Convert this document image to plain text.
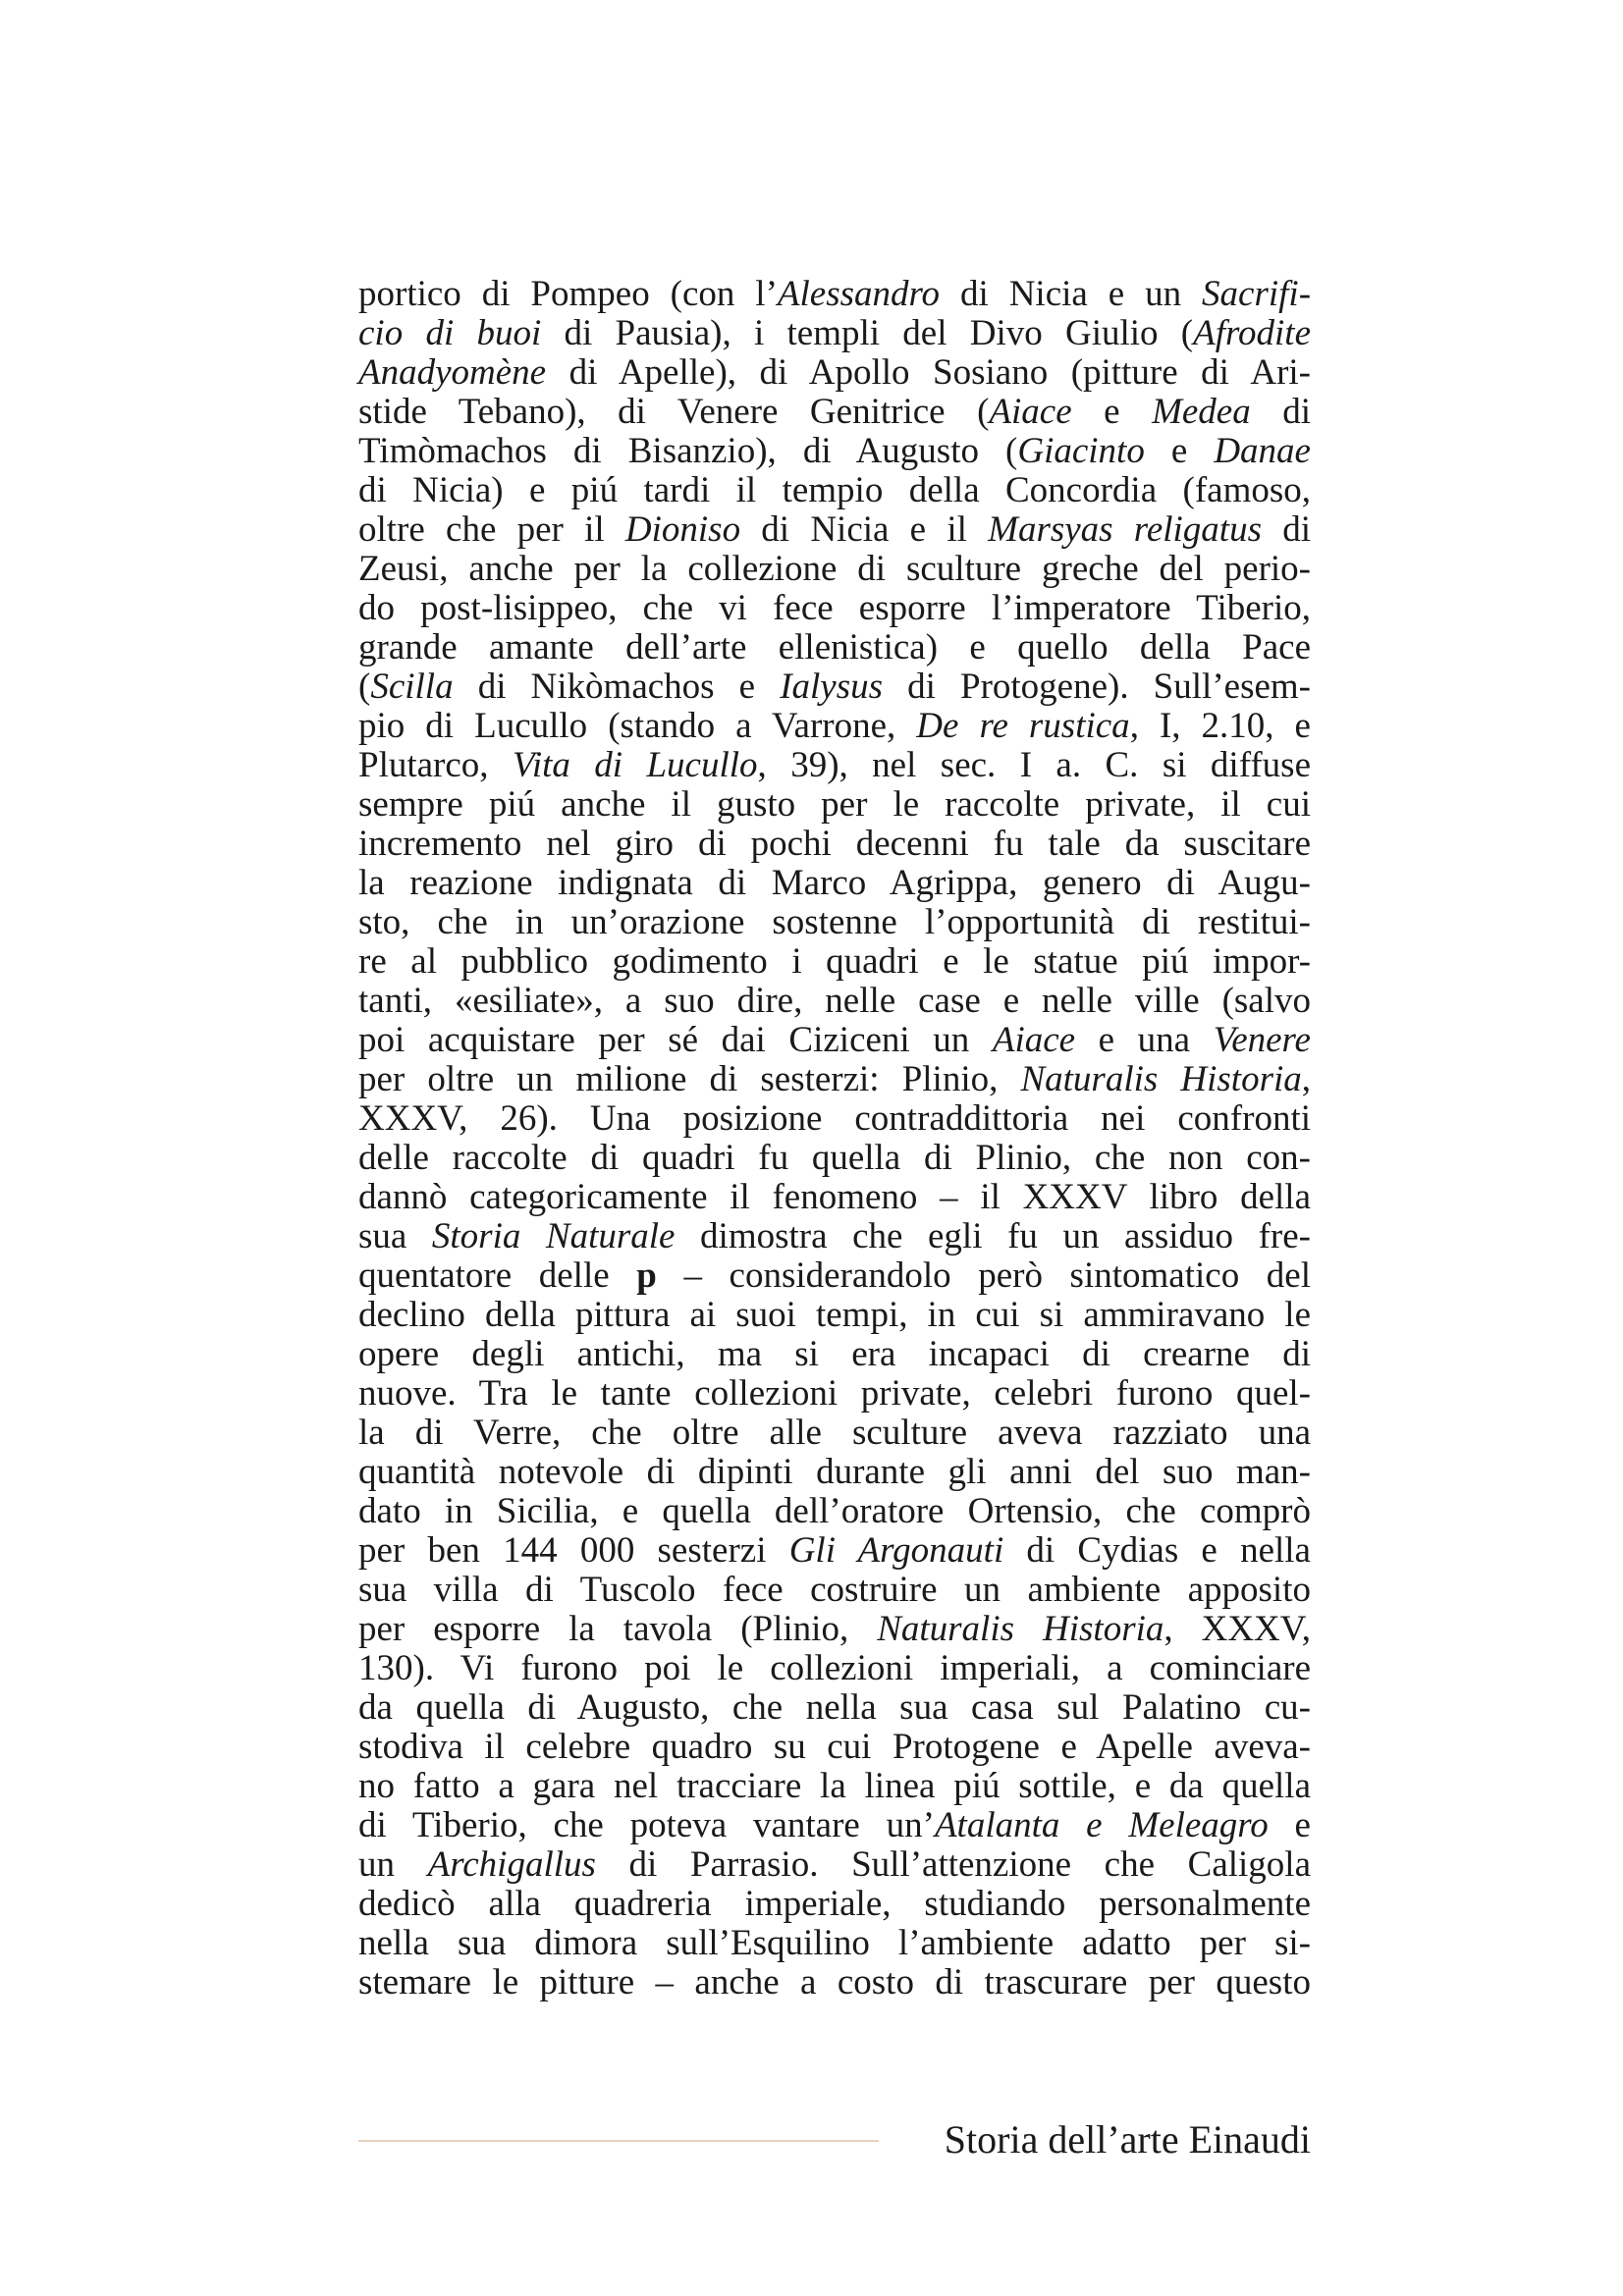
portico di Pompeo (con l’Alessandro di Nicia e un Sacrifi-
cio di buoi di Pausia), i templi del Divo Giulio (Afrodite
Anadyomène di Apelle), di Apollo Sosiano (pitture di Ari-
stide Tebano), di Venere Genitrice (Aiace e Medea di
Timòmachos di Bisanzio), di Augusto (Giacinto e Danae
di Nicia) e piú tardi il tempio della Concordia (famoso,
oltre che per il Dioniso di Nicia e il Marsyas religatus di
Zeusi, anche per la collezione di sculture greche del perio-
do post-lisippeo, che vi fece esporre l’imperatore Tiberio,
grande amante dell’arte ellenistica) e quello della Pace
(Scilla di Nikòmachos e Ialysus di Protogene). Sull’esem-
pio di Lucullo (stando a Varrone, De re rustica, I, 2.10, e
Plutarco, Vita di Lucullo, 39), nel sec. I a. C. si diffuse
sempre piú anche il gusto per le raccolte private, il cui
incremento nel giro di pochi decenni fu tale da suscitare
la reazione indignata di Marco Agrippa, genero di Augu-
sto, che in un’orazione sostenne l’opportunità di restitui-
re al pubblico godimento i quadri e le statue piú impor-
tanti, «esiliate», a suo dire, nelle case e nelle ville (salvo
poi acquistare per sé dai Ciziceni un Aiace e una Venere
per oltre un milione di sesterzi: Plinio, Naturalis Historia,
XXXV, 26). Una posizione contraddittoria nei confronti
delle raccolte di quadri fu quella di Plinio, che non con-
dannò categoricamente il fenomeno – il XXXV libro della
sua Storia Naturale dimostra che egli fu un assiduo fre-
quentatore delle p – considerandolo però sintomatico del
declino della pittura ai suoi tempi, in cui si ammiravano le
opere degli antichi, ma si era incapaci di crearne di
nuove. Tra le tante collezioni private, celebri furono quel-
la di Verre, che oltre alle sculture aveva razziato una
quantità notevole di dipinti durante gli anni del suo man-
dato in Sicilia, e quella dell’oratore Ortensio, che comprò
per ben 144 000 sesterzi Gli Argonauti di Cydias e nella
sua villa di Tuscolo fece costruire un ambiente apposito
per esporre la tavola (Plinio, Naturalis Historia, XXXV,
130). Vi furono poi le collezioni imperiali, a cominciare
da quella di Augusto, che nella sua casa sul Palatino cu-
stodiva il celebre quadro su cui Protogene e Apelle aveva-
no fatto a gara nel tracciare la linea piú sottile, e da quella
di Tiberio, che poteva vantare un’Atalanta e Meleagro e
un Archigallus di Parrasio. Sull’attenzione che Caligola
dedicò alla quadreria imperiale, studiando personalmente
nella sua dimora sull’Esquilino l’ambiente adatto per si-
stemare le pitture – anche a costo di trascurare per questo
Storia dell’arte Einaudi
